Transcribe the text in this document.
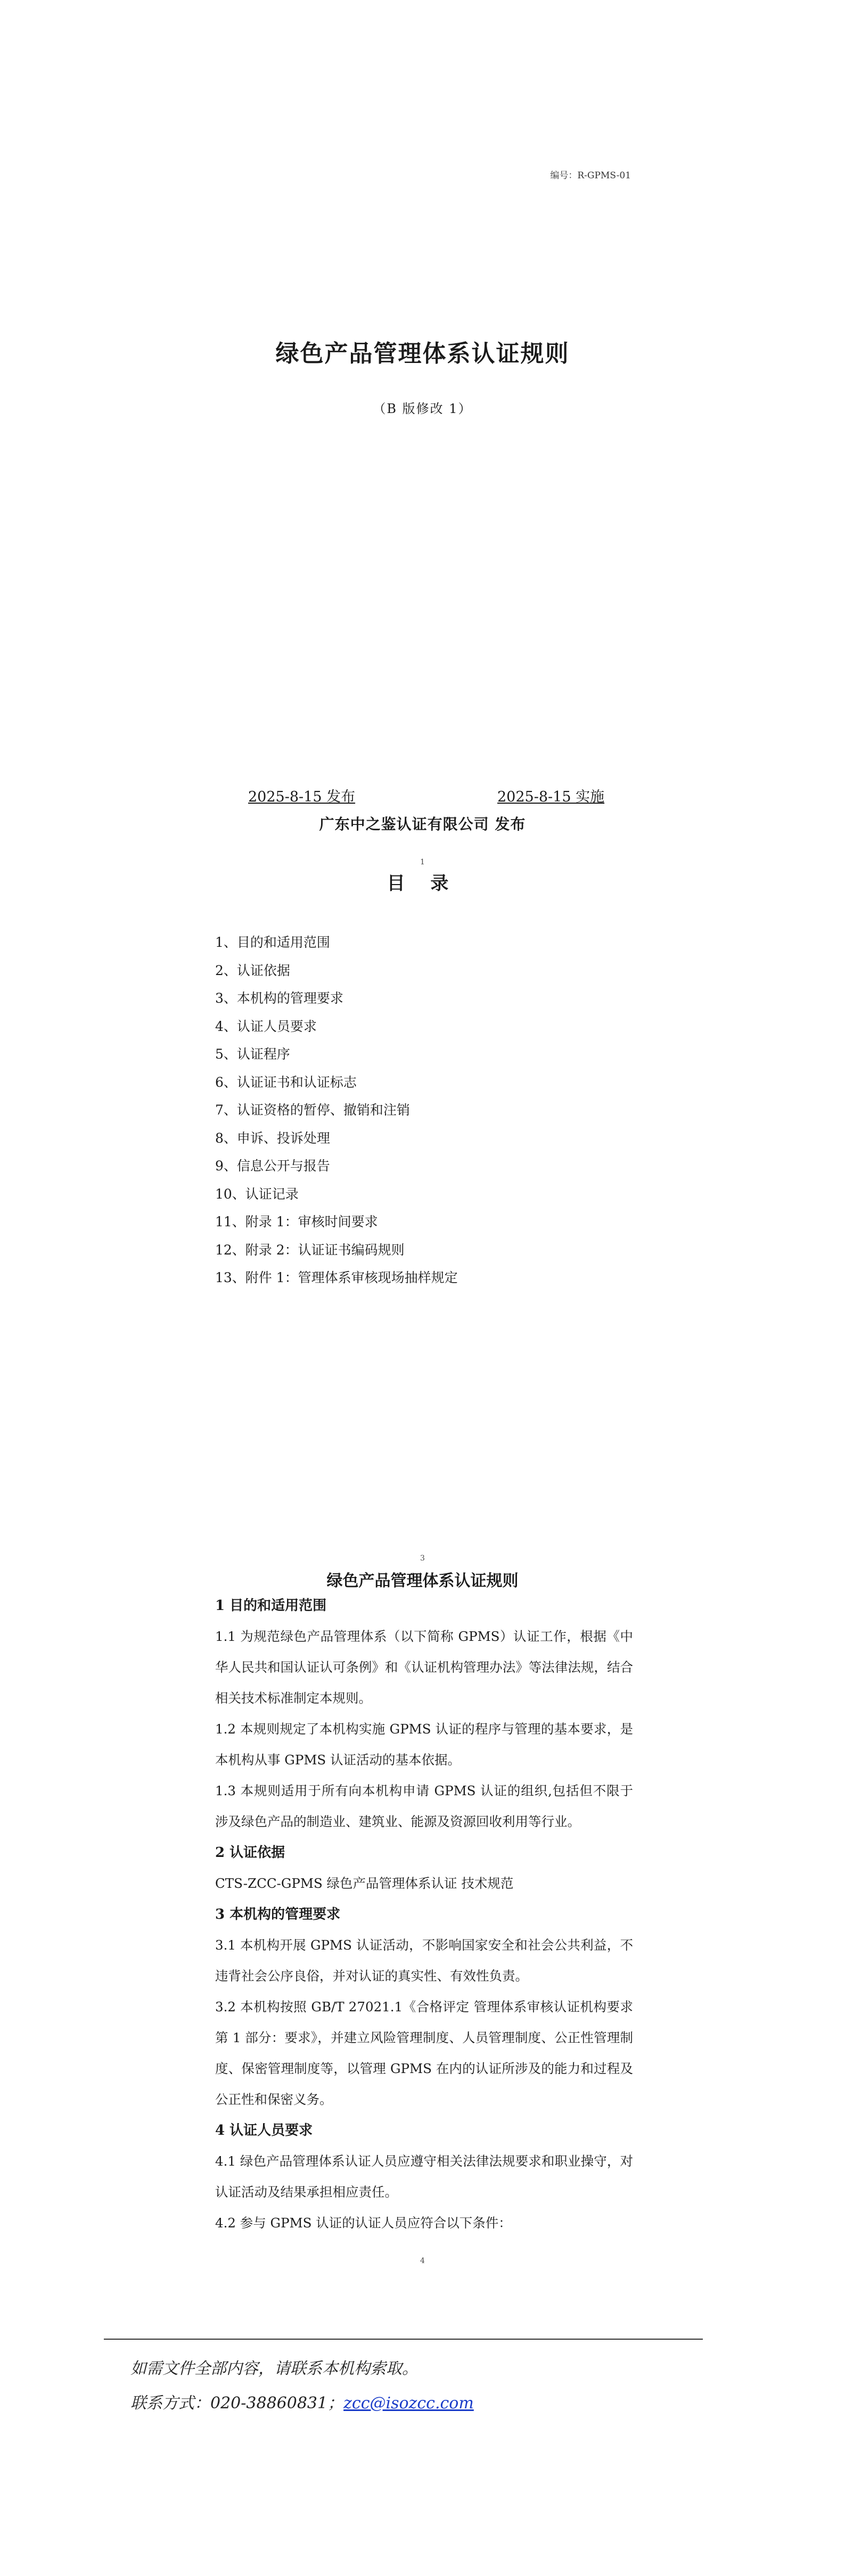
编号：R-GPMS-01
绿色产品管理体系认证规则
（B 版修改 1）
2025-8-15 发布	2025-8-15 实施
广东中之鉴认证有限公司 发布
1
目 录
1、目的和适用范围
2、认证依据
3、本机构的管理要求
4、认证人员要求
5、认证程序
6、认证证书和认证标志
7、认证资格的暂停、撤销和注销
8、申诉、投诉处理
9、信息公开与报告
10、认证记录
11、附录 1：审核时间要求
12、附录 2：认证证书编码规则
13、附件 1：管理体系审核现场抽样规定
3
绿色产品管理体系认证规则
1 目的和适用范围

1.1 为规范绿色产品管理体系（以下简称 GPMS）认证工作，根据《中华人民共和国认证认可条例》和《认证机构管理办法》等法律法规，结合相关技术标准制定本规则。

1.2 本规则规定了本机构实施 GPMS 认证的程序与管理的基本要求，是本机构从事 GPMS 认证活动的基本依据。

1.3 本规则适用于所有向本机构申请 GPMS 认证的组织,包括但不限于涉及绿色产品的制造业、建筑业、能源及资源回收利用等行业。

2 认证依据

CTS-ZCC-GPMS 绿色产品管理体系认证 技术规范

3 本机构的管理要求

3.1 本机构开展 GPMS 认证活动，不影响国家安全和社会公共利益，不违背社会公序良俗，并对认证的真实性、有效性负责。

3.2 本机构按照 GB/T 27021.1《合格评定 管理体系审核认证机构要求 第 1 部分：要求》，并建立风险管理制度、人员管理制度、公正性管理制度、保密管理制度等，以管理 GPMS 在内的认证所涉及的能力和过程及公正性和保密义务。

4 认证人员要求

4.1 绿色产品管理体系认证人员应遵守相关法律法规要求和职业操守，对认证活动及结果承担相应责任。

4.2 参与 GPMS 认证的认证人员应符合以下条件：

4
如需文件全部内容，请联系本机构索取。
联系方式：020-38860831；zcc@isozcc.com
